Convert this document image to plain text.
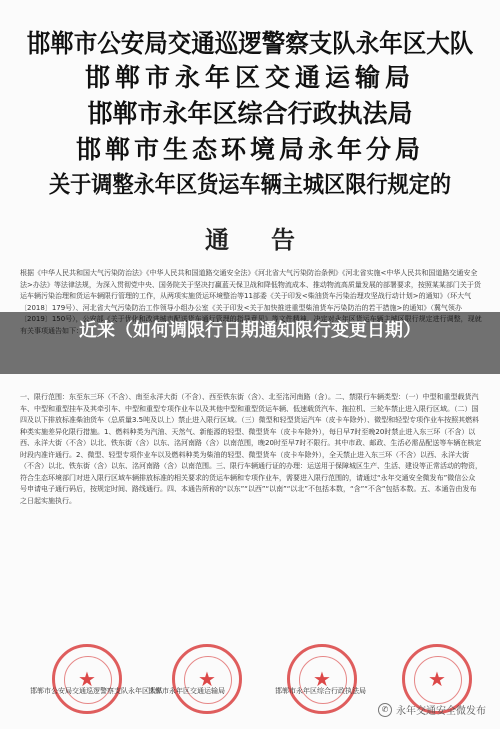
邯郸市公安局交通巡逻警察支队永年区大队
邯郸市永年区交通运输局
邯郸市永年区综合行政执法局
邯郸市生态环境局永年分局
关于调整永年区货运车辆主城区限行规定的
通告

根据《中华人民共和国大气污染防治法》《中华人民共和国道路交通安全法》《河北省大气污染防治条例》《河北省实施<中华人民共和国道路交通安全法>办法》等法律法规，为深入贯彻党中央、国务院关于坚决打赢蓝天保卫战和降低物流成本、推动物流高质量发展的部署要求，按照某某部门关于货运车辆污染治理和货运车辆限行管理的工作，从两项实施货运环境整治等11部委《关于印发<柴油货车污染治理攻坚战行动计划>的通知》（环大气〔2018〕179号）、河北省大气污染防治工作领导小组办公室《关于印发<关于加快推进重型柴油货车污染防治的若干措施>的通知》（冀气领办

一、限行范围：东至东三环（不含）、南至永洋大街（不含）、西至铁东街（含）、北至洺河南路（含）。二、禁限行车辆类型：（一）中型和重型载货汽车、中型和重型挂车及其牵引车、中型和重型专项作业车以及其他中型和重型货运车辆、低速载货汽车、拖拉机、三轮车禁止进入限行区域。（二）国四及以下排放标准柴油货车（总质量3.5吨及以上）禁止进入限行区域。（三）微型和轻型货运汽车（皮卡车除外）、微型和轻型专项作业车按照其燃料种类实施差异化限行措施。1、燃料种类为汽油、天然气、新能源的轻型、微型货车（皮卡车除外），每日早7时至晚20时禁止进入东三环（不含）以西、永洋大街（不含）以北、铁东街（含）以东、洺河南路（含）以南范围，晚20时至早7时不限行。其中市政、邮政、生活必需品配送等车辆在核定时段内准许通行。2、微型、轻型专项作业车以及燃料种类为柴油的轻型、微型货车（皮卡车除外），全天禁止进入东三环（不含）以西、永洋大街（不含）以北、铁东街（含）以东、洺河南路（含）以南范围。三、限行车辆通行证的办理：运送用于保障城区生产、生活、建设等正常活动的物资，符合生态环境部门对进入限行区域车辆排放标准的相关要求的货运车辆和专项作业车，需要进入限行范围的，请通过“永年交通安全微发布”微信公众号申请电子通行码后，按规定时间、路线通行。四、本通告所称的“以东”“以西”“以南”“以北”不包括本数，“含”“不含”包括本数。五、本通告由发布之日起实施执行。

近来（如何调限行日期通知限行变更日期）
★	★	★	★
邯郸市公安局交通巡逻警察支队永年区大队
邯郸市永年区交通运输局	邯郸市永年区综合行政执法局
✆ 永年交通安全微发布
